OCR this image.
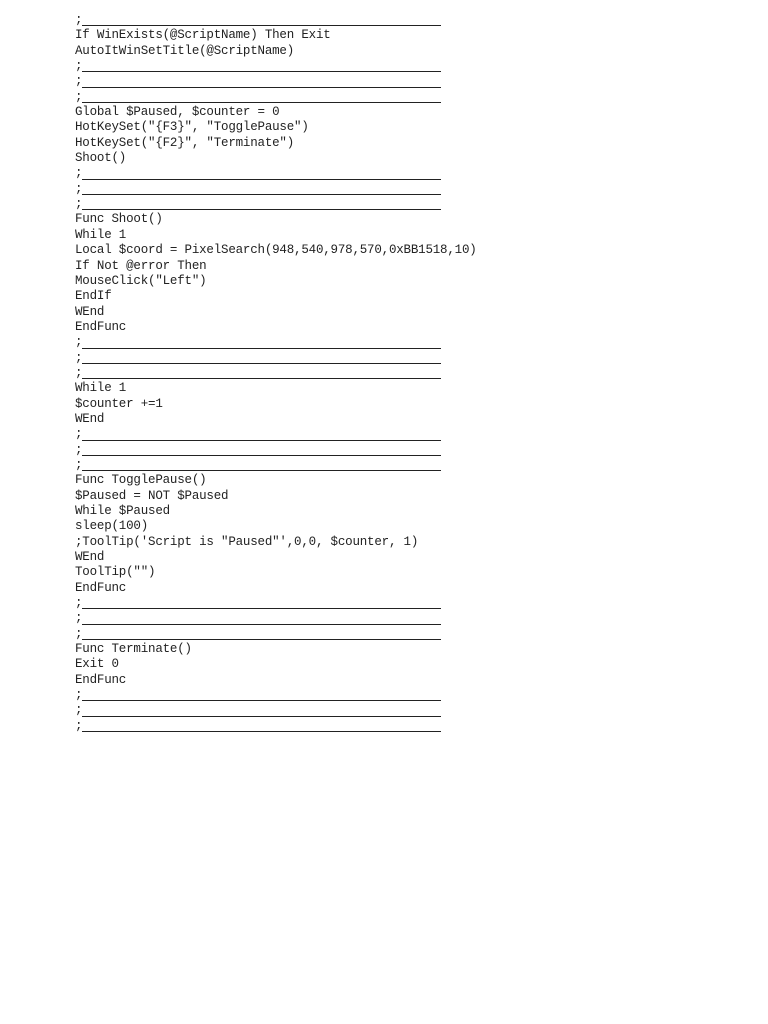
;
If WinExists(@ScriptName) Then Exit
AutoItWinSetTitle(@ScriptName)
;
;
;
Global $Paused, $counter = 0
HotKeySet("{F3}", "TogglePause")
HotKeySet("{F2}", "Terminate")
Shoot()
;
;
;
Func Shoot()
While 1
Local $coord = PixelSearch(948,540,978,570,0xBB1518,10)
If Not @error Then
MouseClick("Left")
EndIf
WEnd
EndFunc
;
;
;
While 1
$counter +=1
WEnd
;
;
;
Func TogglePause()
$Paused = NOT $Paused
While $Paused
sleep(100)
;ToolTip('Script is "Paused"',0,0, $counter, 1)
WEnd
ToolTip("")
EndFunc
;
;
;
Func Terminate()
Exit 0
EndFunc
;
;
;
